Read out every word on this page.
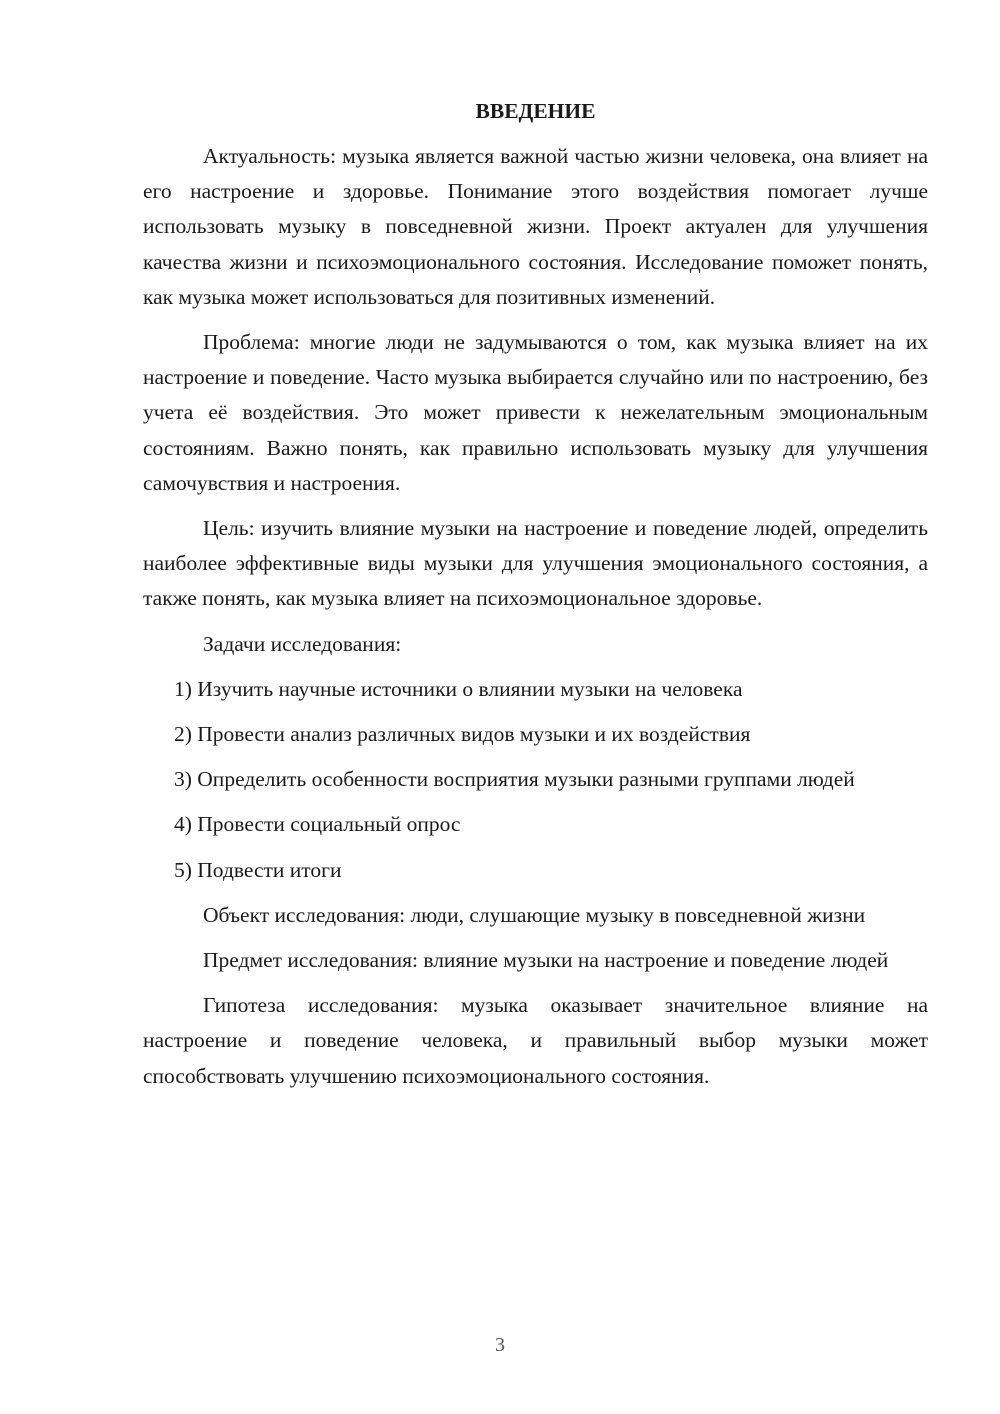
ВВЕДЕНИЕ

Актуальность: музыка является важной частью жизни человека, она влияет на его настроение и здоровье. Понимание этого воздействия помогает лучше использовать музыку в повседневной жизни. Проект актуален для улучшения качества жизни и психоэмоционального состояния. Исследование поможет понять, как музыка может использоваться для позитивных изменений.

Проблема: многие люди не задумываются о том, как музыка влияет на их настроение и поведение. Часто музыка выбирается случайно или по настроению, без учета её воздействия. Это может привести к нежелательным эмоциональным состояниям. Важно понять, как правильно использовать музыку для улучшения самочувствия и настроения.

Цель: изучить влияние музыки на настроение и поведение людей, определить наиболее эффективные виды музыки для улучшения эмоционального состояния, а также понять, как музыка влияет на психоэмоциональное здоровье.

Задачи исследования:

1) Изучить научные источники о влиянии музыки на человека

2) Провести анализ различных видов музыки и их воздействия

3) Определить особенности восприятия музыки разными группами людей

4) Провести социальный опрос

5) Подвести итоги

Объект исследования: люди, слушающие музыку в повседневной жизни

Предмет исследования: влияние музыки на настроение и поведение людей

Гипотеза исследования: музыка оказывает значительное влияние на настроение и поведение человека, и правильный выбор музыки может способствовать улучшению психоэмоционального состояния.

3
